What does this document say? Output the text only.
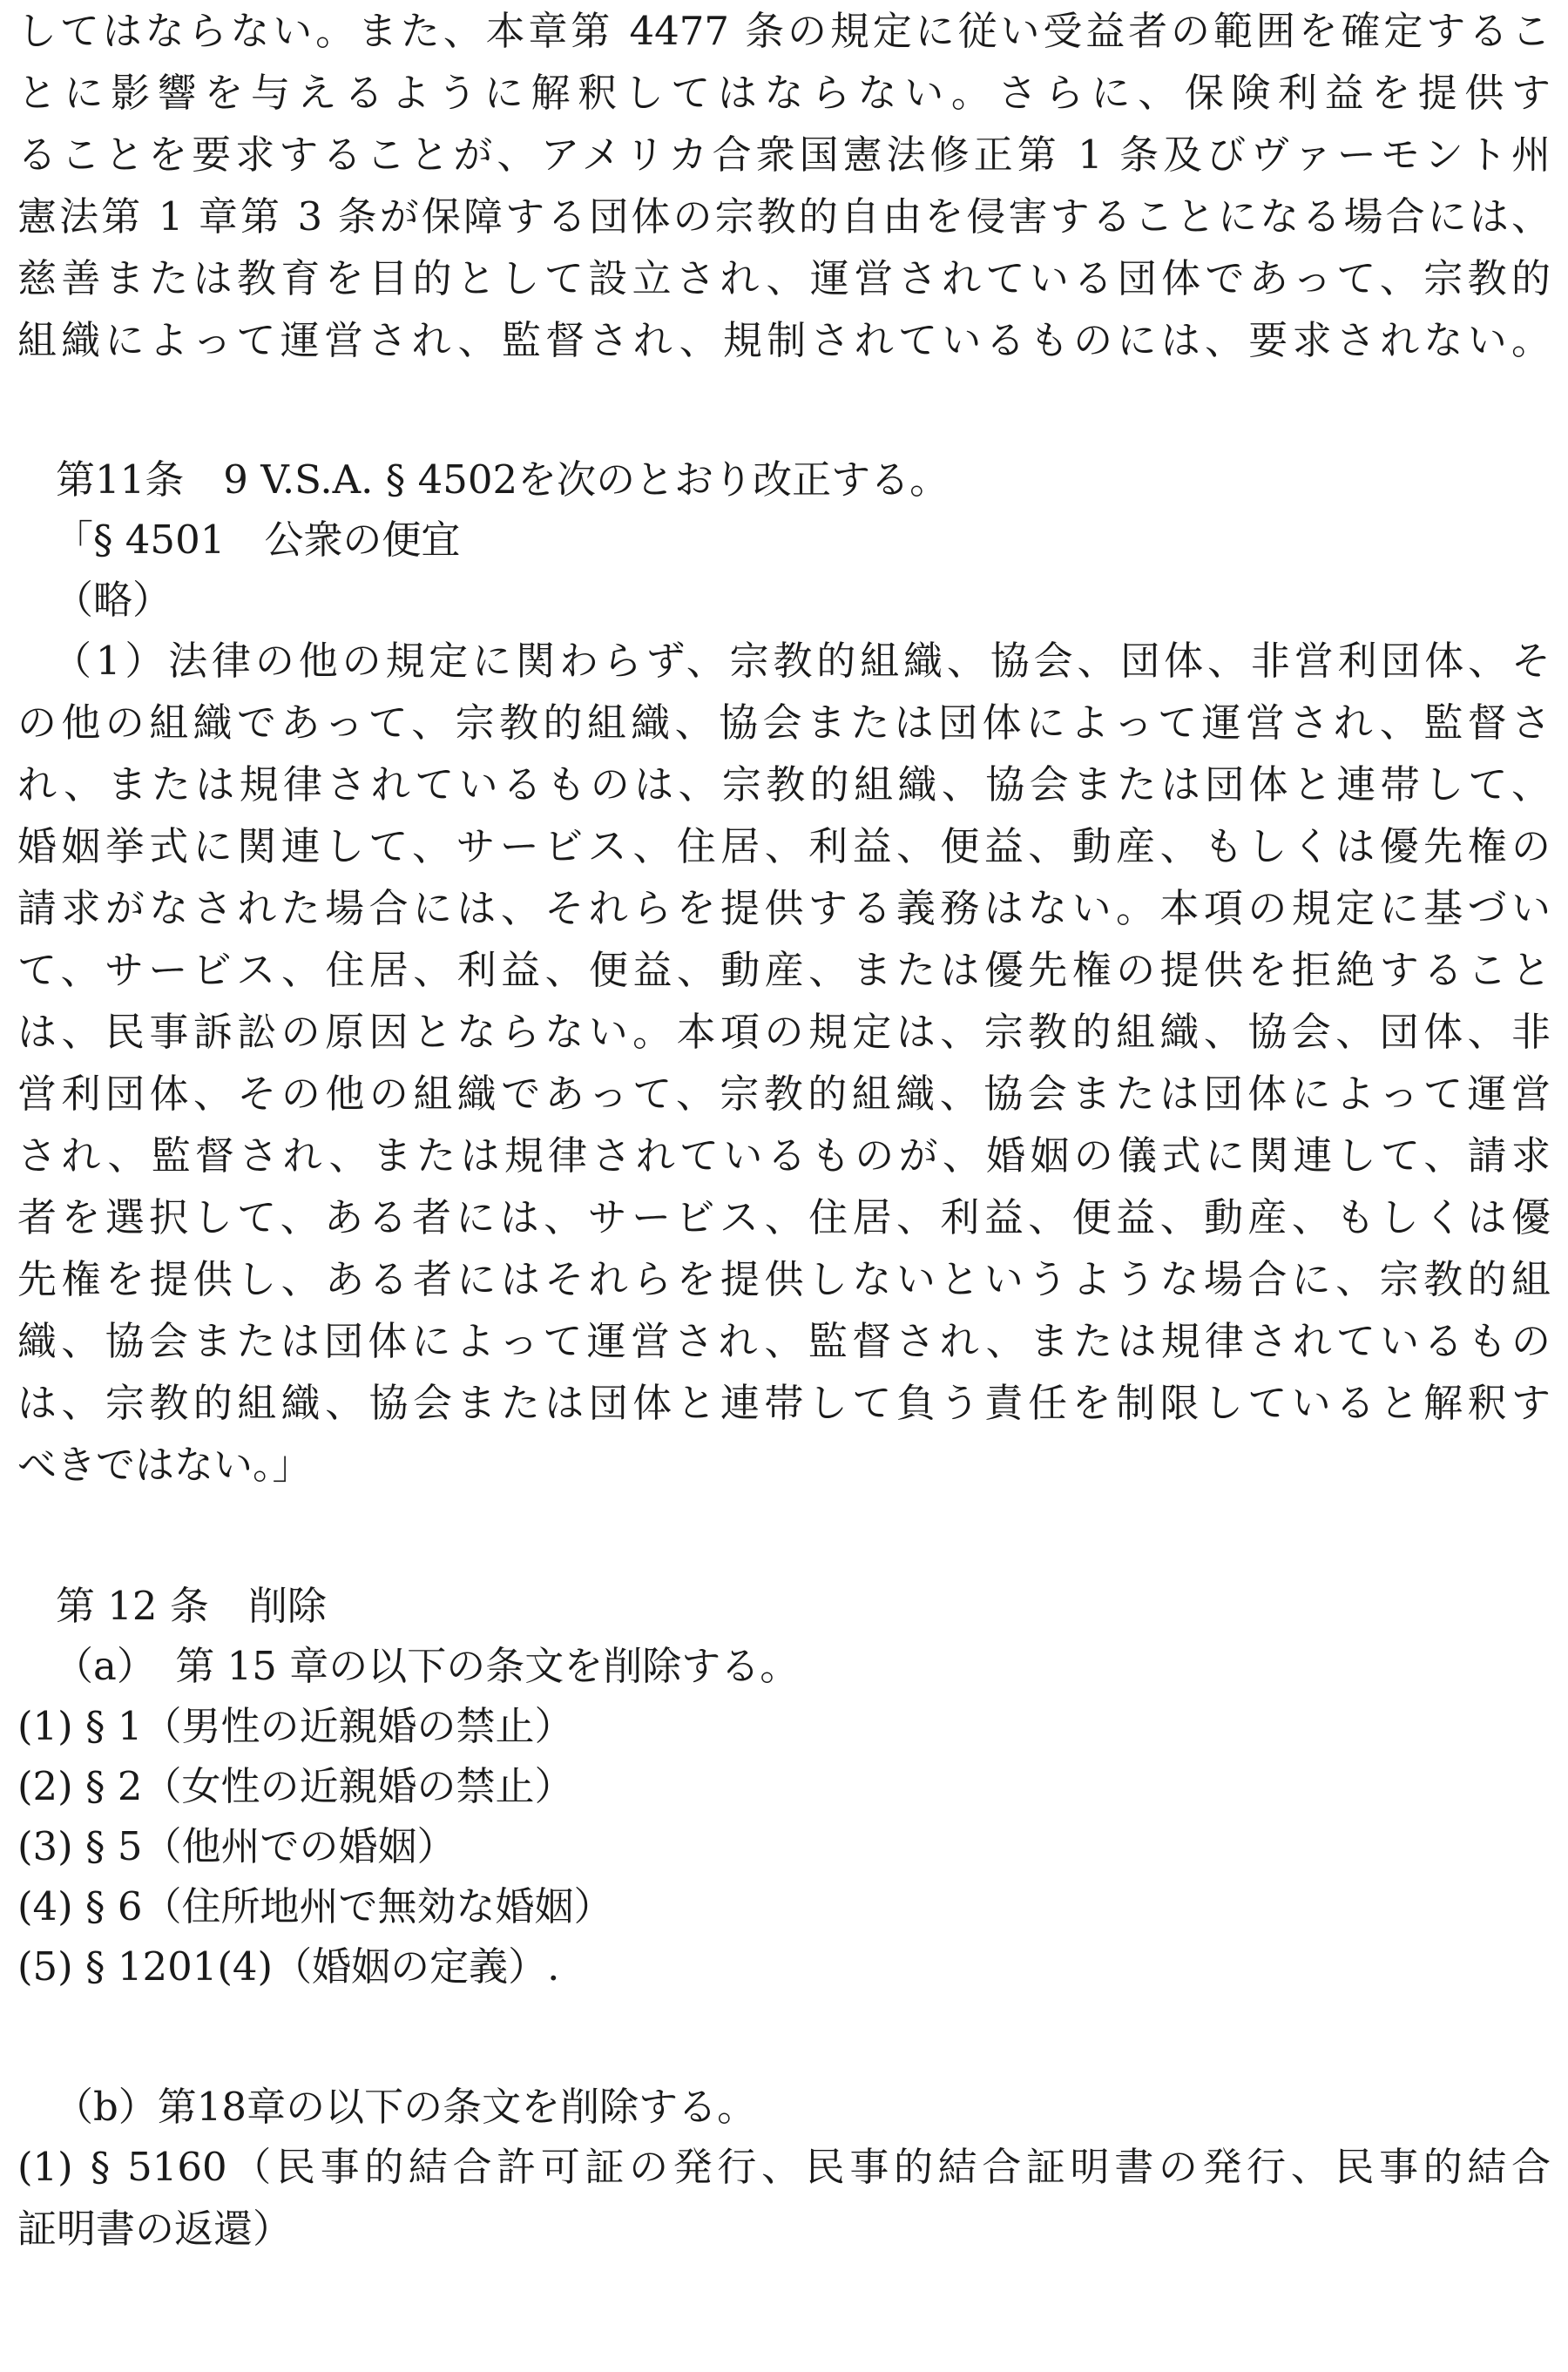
してはならない。また、本章第 4477 条の規定に従い受益者の範囲を確定するこ
とに影響を与えるように解釈してはならない。さらに、保険利益を提供す
ることを要求することが、アメリカ合衆国憲法修正第 1 条及びヴァーモント州
憲法第 1 章第 3 条が保障する団体の宗教的自由を侵害することになる場合には、
慈善または教育を目的として設立され、運営されている団体であって、宗教的
組織によって運営され、監督され、規制されているものには、要求されない。
第11条　9 V.S.A. § 4502を次のとおり改正する。
「§ 4501　公衆の便宜
（略）
（1）法律の他の規定に関わらず、宗教的組織、協会、団体、非営利団体、そ
の他の組織であって、宗教的組織、協会または団体によって運営され、監督さ
れ、または規律されているものは、宗教的組織、協会または団体と連帯して、
婚姻挙式に関連して、サービス、住居、利益、便益、動産、もしくは優先権の
請求がなされた場合には、それらを提供する義務はない。本項の規定に基づい
て、サービス、住居、利益、便益、動産、または優先権の提供を拒絶すること
は、民事訴訟の原因とならない。本項の規定は、宗教的組織、協会、団体、非
営利団体、その他の組織であって、宗教的組織、協会または団体によって運営
され、監督され、または規律されているものが、婚姻の儀式に関連して、請求
者を選択して、ある者には、サービス、住居、利益、便益、動産、もしくは優
先権を提供し、ある者にはそれらを提供しないというような場合に、宗教的組
織、協会または団体によって運営され、監督され、または規律されているもの
は、宗教的組織、協会または団体と連帯して負う責任を制限していると解釈す
べきではない。」
第 12 条　削除
（a）　第 15 章の以下の条文を削除する。
(1) § 1（男性の近親婚の禁止）
(2) § 2（女性の近親婚の禁止）
(3) § 5（他州での婚姻）
(4) § 6（住所地州で無効な婚姻）
(5) § 1201(4)（婚姻の定義）.
（b）第18章の以下の条文を削除する。
(1) § 5160（民事的結合許可証の発行、民事的結合証明書の発行、民事的結合
証明書の返還）
